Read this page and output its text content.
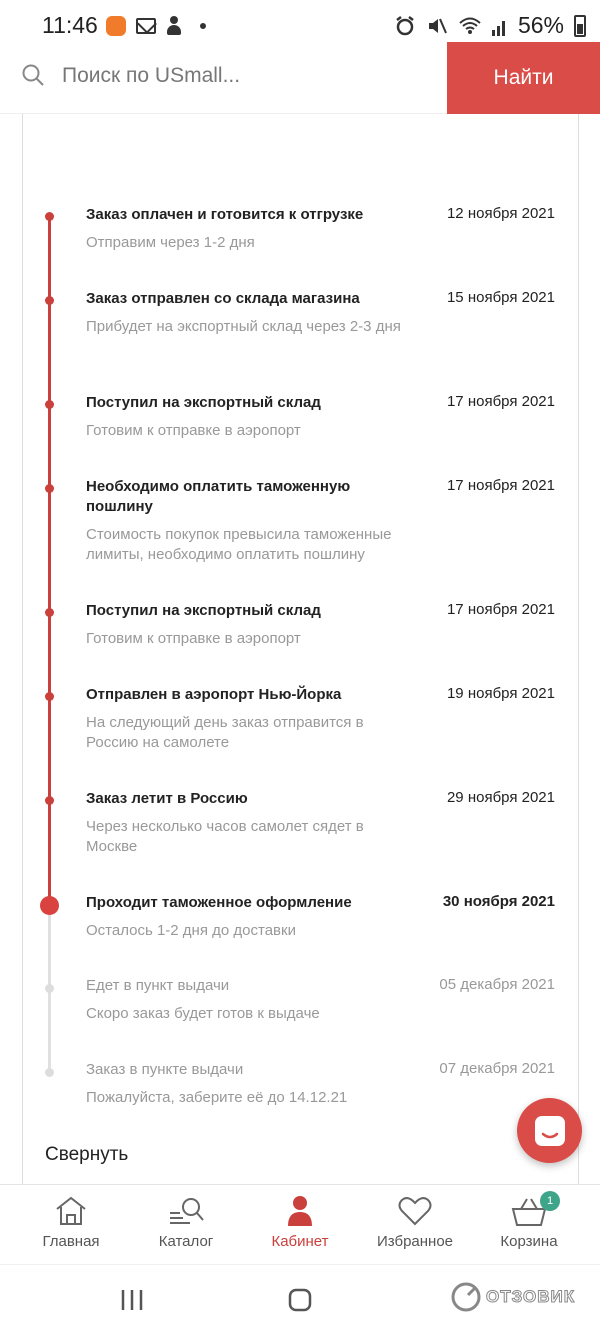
11:46	56%
Поиск по USmall...	Найти
Заказ оплачен и готовится к отгрузке	12 ноября 2021
Отправим через 1-2 дня
Заказ отправлен со склада магазина	15 ноября 2021
Прибудет на экспортный склад через 2-3 дня
Поступил на экспортный склад	17 ноября 2021
Готовим к отправке в аэропорт
Необходимо оплатить таможенную пошлину
17 ноября 2021
Стоимость покупок превысила таможенные лимиты, необходимо оплатить пошлину
Поступил на экспортный склад	17 ноября 2021
Готовим к отправке в аэропорт
Отправлен в аэропорт Нью-Йорка	19 ноября 2021
На следующий день заказ отправится в Россию на самолете
Заказ летит в Россию	29 ноября 2021
Через несколько часов самолет сядет в Москве
Проходит таможенное оформление	30 ноября 2021
Осталось 1-2 дня до доставки
Едет в пункт выдачи	05 декабря 2021
Скоро заказ будет готов к выдаче
Заказ в пункте выдачи	07 декабря 2021
Пожалуйста, заберите её до 14.12.21
Свернуть
Главная	Каталог	Кабинет	Избранное
1
Корзина
ОТЗОВИК
